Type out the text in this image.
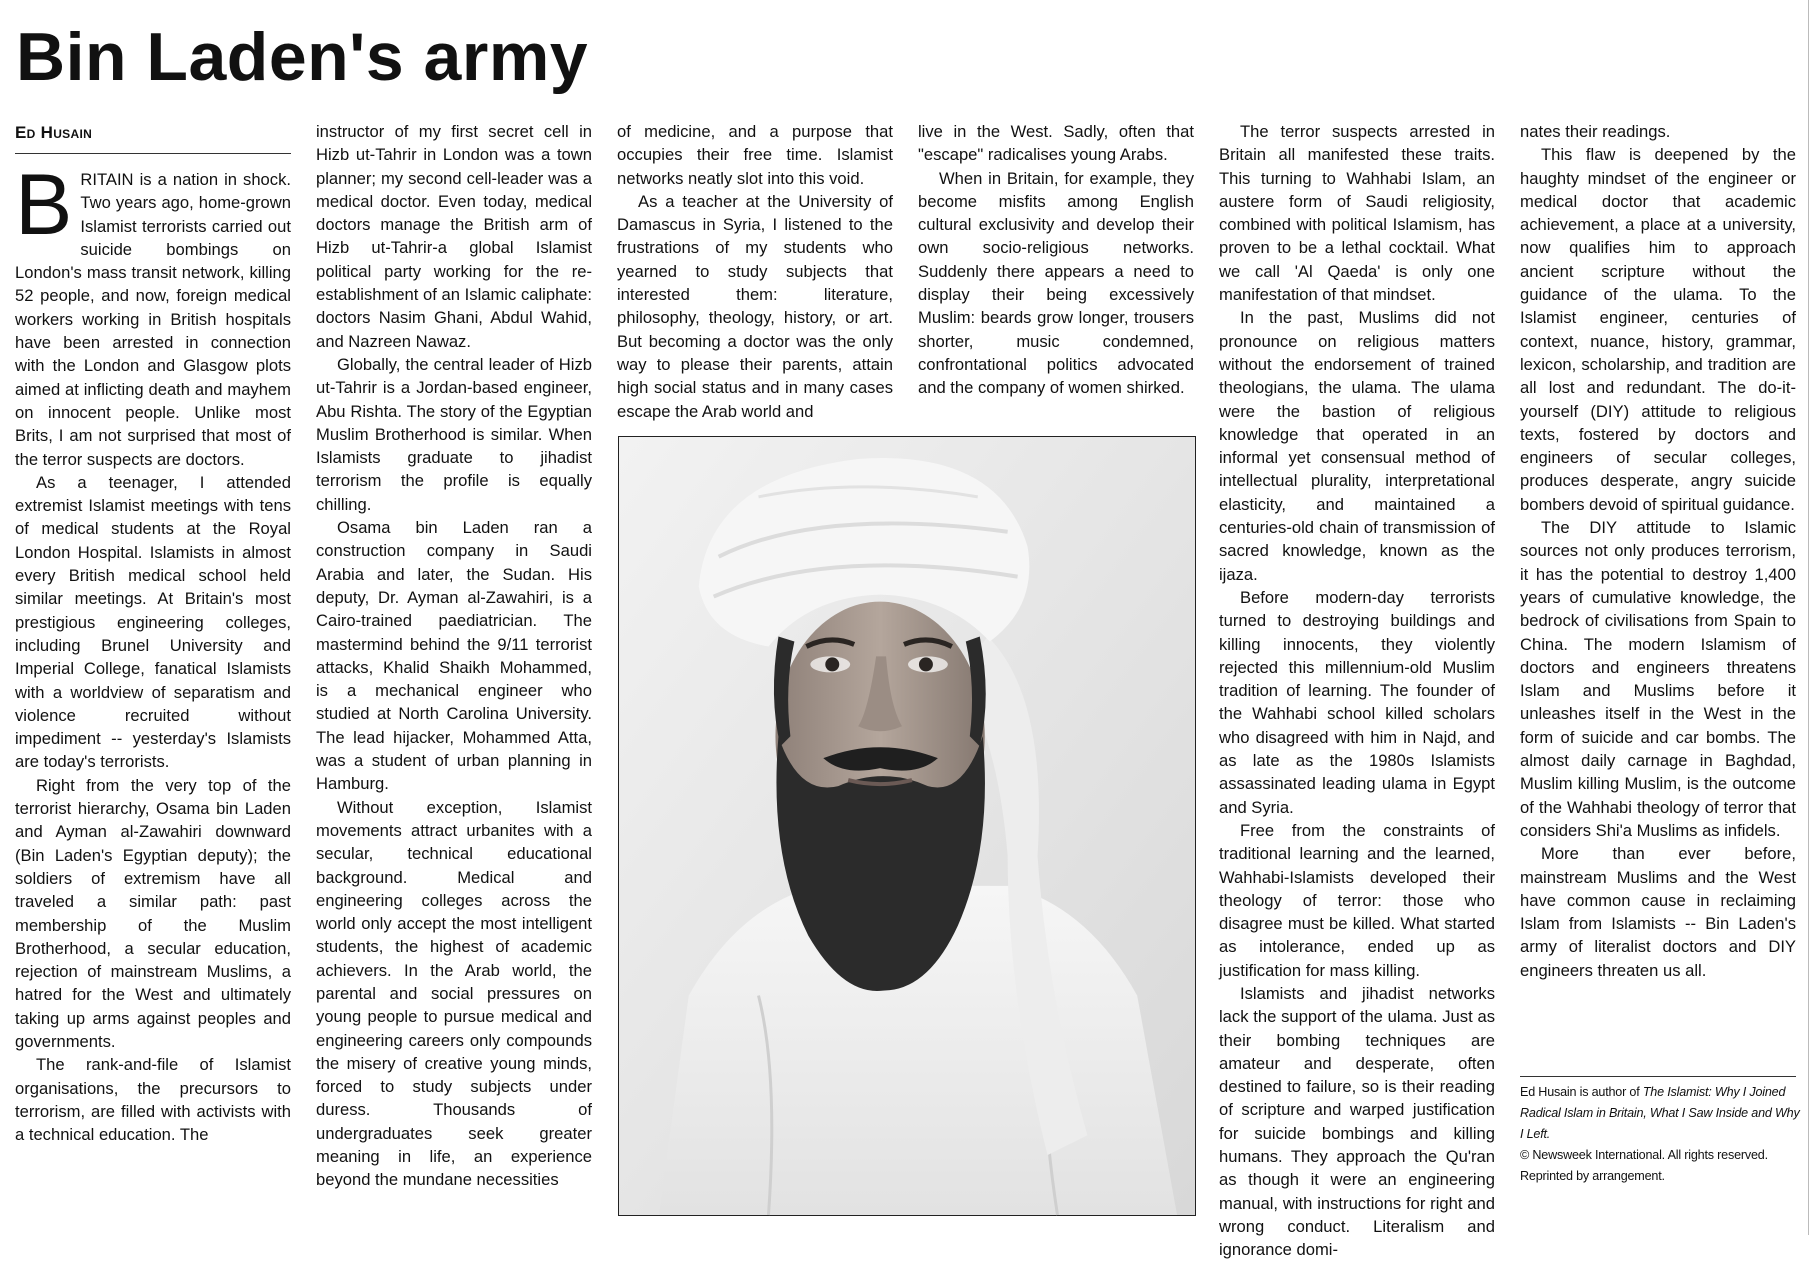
Bin Laden's army
Ed Husain

BRITAIN is a nation in shock. Two years ago, home-grown Islamist terrorists carried out suicide bombings on London's mass transit network, killing 52 people, and now, foreign medical workers working in British hospitals have been arrested in connection with the London and Glasgow plots aimed at inflicting death and mayhem on innocent people. Unlike most Brits, I am not surprised that most of the terror suspects are doctors.

As a teenager, I attended extremist Islamist meetings with tens of medical students at the Royal London Hospital. Islamists in almost every British medical school held similar meetings. At Britain's most prestigious engineering colleges, including Brunel University and Imperial College, fanatical Islamists with a worldview of separatism and violence recruited without impediment -- yesterday's Islamists are today's terrorists.

Right from the very top of the terrorist hierarchy, Osama bin Laden and Ayman al-Zawahiri downward (Bin Laden's Egyptian deputy); the soldiers of extremism have all traveled a similar path: past membership of the Muslim Brotherhood, a secular education, rejection of mainstream Muslims, a hatred for the West and ultimately taking up arms against peoples and governments.

The rank-and-file of Islamist organisations, the precursors to terrorism, are filled with activists with a technical education. The

instructor of my first secret cell in Hizb ut-Tahrir in London was a town planner; my second cell-leader was a medical doctor. Even today, medical doctors manage the British arm of Hizb ut-Tahrir-a global Islamist political party working for the re-establishment of an Islamic caliphate: doctors Nasim Ghani, Abdul Wahid, and Nazreen Nawaz.

Globally, the central leader of Hizb ut-Tahrir is a Jordan-based engineer, Abu Rishta. The story of the Egyptian Muslim Brotherhood is similar. When Islamists graduate to jihadist terrorism the profile is equally chilling.

Osama bin Laden ran a construction company in Saudi Arabia and later, the Sudan. His deputy, Dr. Ayman al-Zawahiri, is a Cairo-trained paediatrician. The mastermind behind the 9/11 terrorist attacks, Khalid Shaikh Mohammed, is a mechanical engineer who studied at North Carolina University. The lead hijacker, Mohammed Atta, was a student of urban planning in Hamburg.

Without exception, Islamist movements attract urbanites with a secular, technical educational background. Medical and engineering colleges across the world only accept the most intelligent students, the highest of academic achievers. In the Arab world, the parental and social pressures on young people to pursue medical and engineering careers only compounds the misery of creative young minds, forced to study subjects under duress. Thousands of undergraduates seek greater meaning in life, an experience beyond the mundane necessities

of medicine, and a purpose that occupies their free time. Islamist networks neatly slot into this void.

As a teacher at the University of Damascus in Syria, I listened to the frustrations of my students who yearned to study subjects that interested them: literature, philosophy, theology, history, or art. But becoming a doctor was the only way to please their parents, attain high social status and in many cases escape the Arab world and

live in the West. Sadly, often that "escape" radicalises young Arabs.

When in Britain, for example, they become misfits among English cultural exclusivity and develop their own socio-religious networks. Suddenly there appears a need to display their being excessively Muslim: beards grow longer, trousers shorter, music condemned, confrontational politics advocated and the company of women shirked.

The terror suspects arrested in Britain all manifested these traits. This turning to Wahhabi Islam, an austere form of Saudi religiosity, combined with political Islamism, has proven to be a lethal cocktail. What we call 'Al Qaeda' is only one manifestation of that mindset.

In the past, Muslims did not pronounce on religious matters without the endorsement of trained theologians, the ulama. The ulama were the bastion of religious knowledge that operated in an informal yet consensual method of intellectual plurality, interpretational elasticity, and maintained a centuries-old chain of transmission of sacred knowledge, known as the ijaza.

Before modern-day terrorists turned to destroying buildings and killing innocents, they violently rejected this millennium-old Muslim tradition of learning. The founder of the Wahhabi school killed scholars who disagreed with him in Najd, and as late as the 1980s Islamists assassinated leading ulama in Egypt and Syria.

Free from the constraints of traditional learning and the learned, Wahhabi-Islamists developed their theology of terror: those who disagree must be killed. What started as intolerance, ended up as justification for mass killing.

Islamists and jihadist networks lack the support of the ulama. Just as their bombing techniques are amateur and desperate, often destined to failure, so is their reading of scripture and warped justification for suicide bombings and killing humans. They approach the Qu'ran as though it were an engineering manual, with instructions for right and wrong conduct. Literalism and ignorance domi-

nates their readings.

This flaw is deepened by the haughty mindset of the engineer or medical doctor that academic achievement, a place at a university, now qualifies him to approach ancient scripture without the guidance of the ulama. To the Islamist engineer, centuries of context, nuance, history, grammar, lexicon, scholarship, and tradition are all lost and redundant. The do-it-yourself (DIY) attitude to religious texts, fostered by doctors and engineers of secular colleges, produces desperate, angry suicide bombers devoid of spiritual guidance.

The DIY attitude to Islamic sources not only produces terrorism, it has the potential to destroy 1,400 years of cumulative knowledge, the bedrock of civilisations from Spain to China. The modern Islamism of doctors and engineers threatens Islam and Muslims before it unleashes itself in the West in the form of suicide and car bombs. The almost daily carnage in Baghdad, Muslim killing Muslim, is the outcome of the Wahhabi theology of terror that considers Shi'a Muslims as infidels.

More than ever before, mainstream Muslims and the West have common cause in reclaiming Islam from Islamists -- Bin Laden's army of literalist doctors and DIY engineers threaten us all.

Ed Husain is author of The Islamist: Why I Joined Radical Islam in Britain, What I Saw Inside and Why I Left.
© Newsweek International. All rights reserved.
Reprinted by arrangement.
